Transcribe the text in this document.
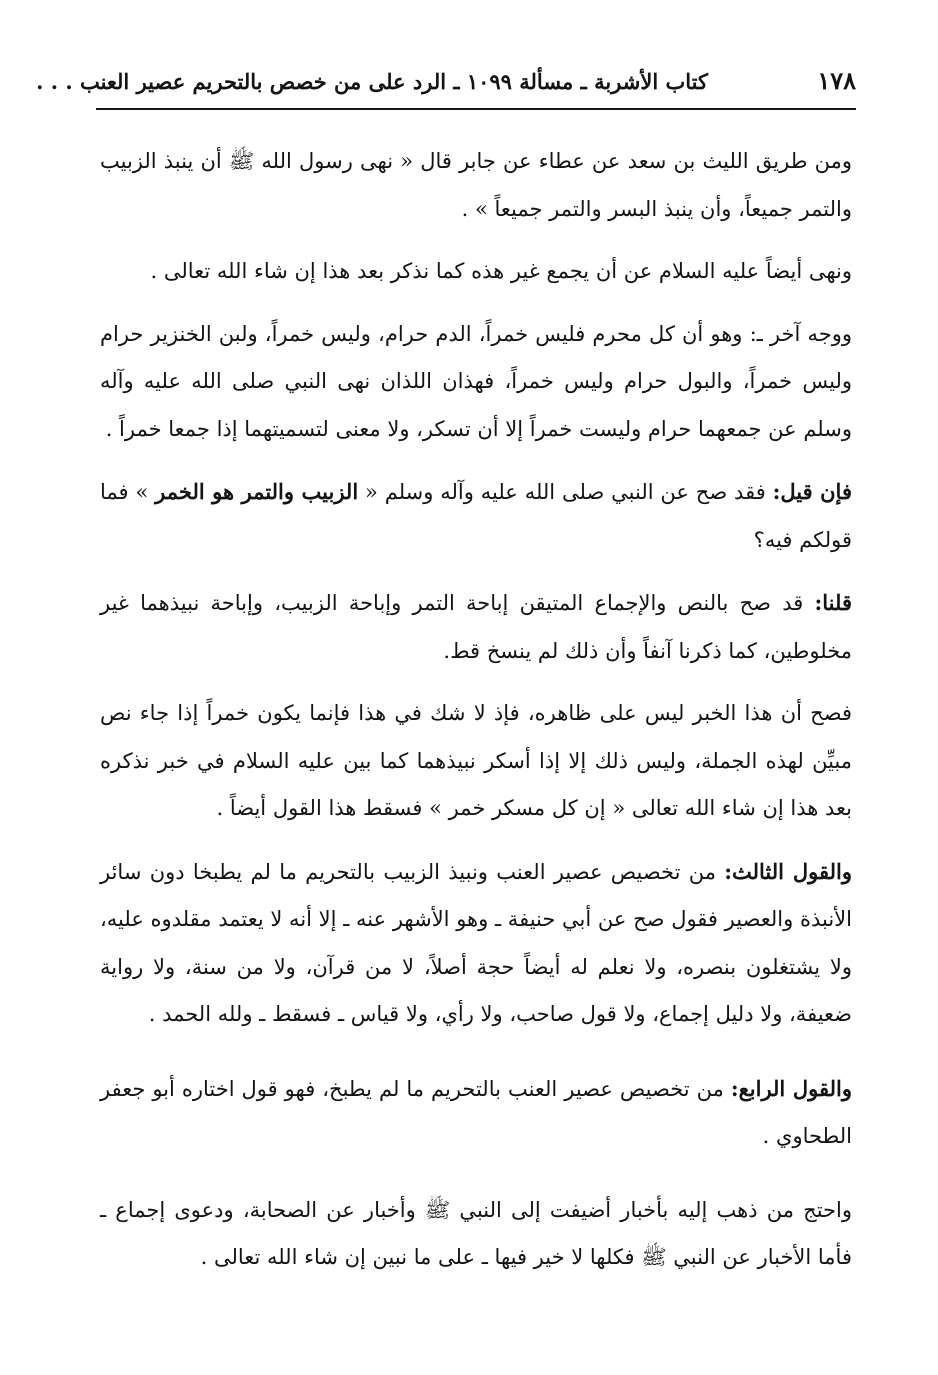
١٧٨
كتاب الأشربة ـ مسألة ١٠٩٩ ـ الرد على من خصص بالتحريم عصير العنب . . .

ومن طريق الليث بن سعد عن عطاء عن جابر قال « نهى رسول الله ﷺ أن ينبذ الزبيب والتمر جميعاً، وأن ينبذ البسر والتمر جميعاً » .

ونهى أيضاً عليه السلام عن أن يجمع غير هذه كما نذكر بعد هذا إن شاء الله تعالى .

ووجه آخر ـ: وهو أن كل محرم فليس خمراً، الدم حرام، وليس خمراً، ولبن الخنزير حرام وليس خمراً، والبول حرام وليس خمراً، فهذان اللذان نهى النبي صلى الله عليه وآله وسلم عن جمعهما حرام وليست خمراً إلا أن تسكر، ولا معنى لتسميتهما إذا جمعا خمراً .

فإن قيل: فقد صح عن النبي صلى الله عليه وآله وسلم « الزبيب والتمر هو الخمر » فما قولكم فيه؟

قلنا: قد صح بالنص والإجماع المتيقن إباحة التمر وإباحة الزبيب، وإباحة نبيذهما غير مخلوطين، كما ذكرنا آنفاً وأن ذلك لم ينسخ قط.

فصح أن هذا الخبر ليس على ظاهره، فإذ لا شك في هذا فإنما يكون خمراً إذا جاء نص مبيِّن لهذه الجملة، وليس ذلك إلا إذا أسكر نبيذهما كما بين عليه السلام في خبر نذكره بعد هذا إن شاء الله تعالى « إن كل مسكر خمر » فسقط هذا القول أيضاً .

والقول الثالث: من تخصيص عصير العنب ونبيذ الزبيب بالتحريم ما لم يطبخا دون سائر الأنبذة والعصير فقول صح عن أبي حنيفة ـ وهو الأشهر عنه ـ إلا أنه لا يعتمد مقلدوه عليه، ولا يشتغلون بنصره، ولا نعلم له أيضاً حجة أصلاً، لا من قرآن، ولا من سنة، ولا رواية ضعيفة، ولا دليل إجماع، ولا قول صاحب، ولا رأي، ولا قياس ـ فسقط ـ ولله الحمد .

والقول الرابع: من تخصيص عصير العنب بالتحريم ما لم يطبخ، فهو قول اختاره أبو جعفر الطحاوي .

واحتج من ذهب إليه بأخبار أضيفت إلى النبي ﷺ وأخبار عن الصحابة، ودعوى إجماع ـ فأما الأخبار عن النبي ﷺ فكلها لا خير فيها ـ على ما نبين إن شاء الله تعالى .
